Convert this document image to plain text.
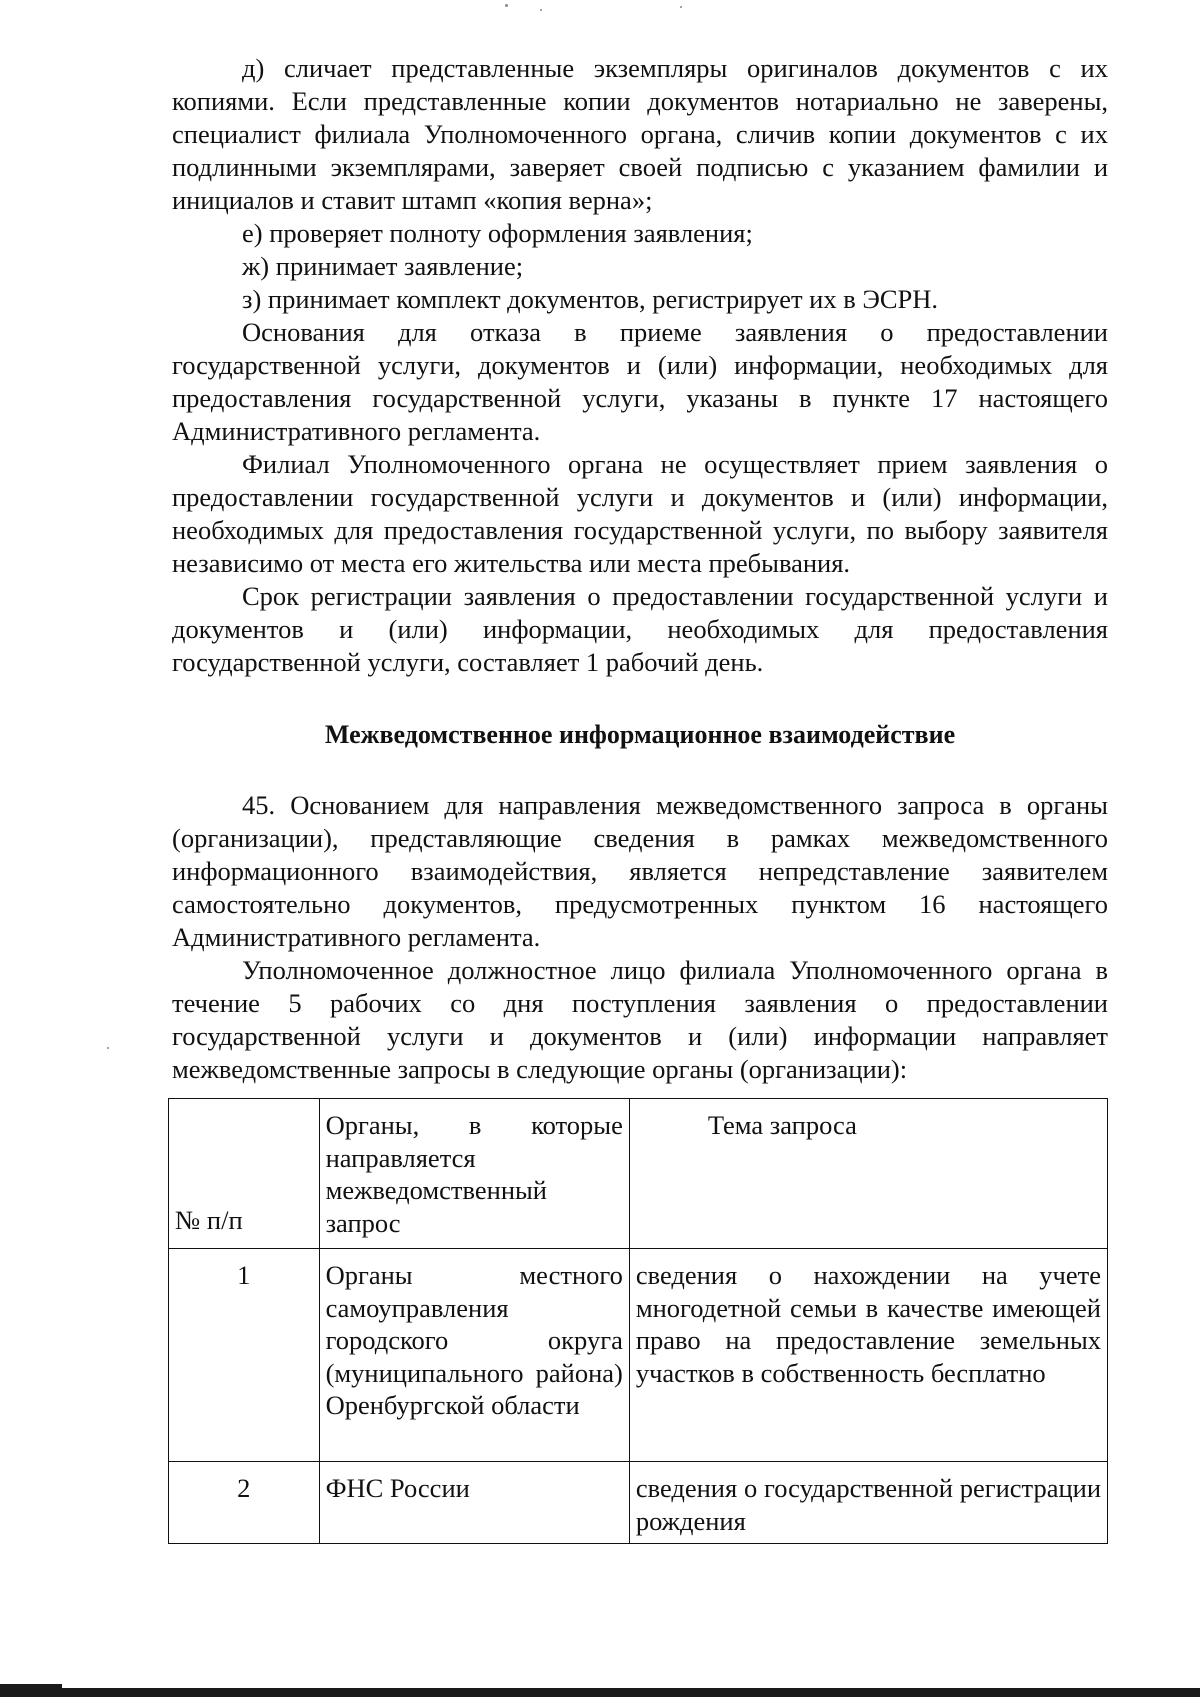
д) сличает представленные экземпляры оригиналов документов с их копиями. Если представленные копии документов нотариально не заверены, специалист филиала Уполномоченного органа, сличив копии документов с их подлинными экземплярами, заверяет своей подписью с указанием фамилии и инициалов и ставит штамп «копия верна»;

е) проверяет полноту оформления заявления;

ж) принимает заявление;

з) принимает комплект документов, регистрирует их в ЭСРН.

Основания для отказа в приеме заявления о предоставлении государственной услуги, документов и (или) информации, необходимых для предоставления государственной услуги, указаны в пункте 17 настоящего Административного регламента.

Филиал Уполномоченного органа не осуществляет прием заявления о предоставлении государственной услуги и документов и (или) информации, необходимых для предоставления государственной услуги, по выбору заявителя независимо от места его жительства или места пребывания.

Срок регистрации заявления о предоставлении государственной услуги и документов и (или) информации, необходимых для предоставления государственной услуги, составляет 1 рабочий день.

Межведомственное информационное взаимодействие

45. Основанием для направления межведомственного запроса в органы (организации), представляющие сведения в рамках межведомственного информационного взаимодействия, является непредставление заявителем самостоятельно документов, предусмотренных пунктом 16 настоящего Административного регламента.

Уполномоченное должностное лицо филиала Уполномоченного органа в течение 5 рабочих со дня поступления заявления о предоставлении государственной услуги и документов и (или) информации направляет межведомственные запросы в следующие органы (организации):

№ п/п	Органы, в которые направляется межведомственный запрос	Тема запроса
1	Органы местного самоуправления городского округа (муниципального района) Оренбургской области	сведения о нахождении на учете многодетной семьи в качестве имеющей право на предоставление земельных участков в собственность бесплатно
2	ФНС России	сведения о государственной регистрации рождения
